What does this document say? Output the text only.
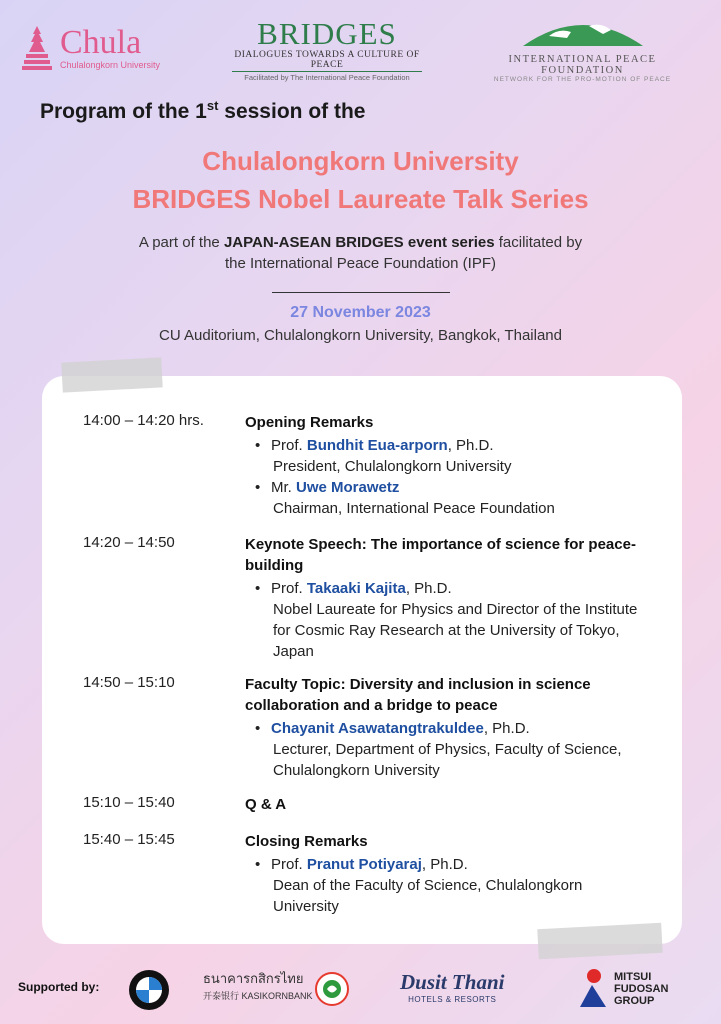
Chula
Chulalongkorn University
BRIDGES
DIALOGUES TOWARDS A CULTURE OF PEACE
Facilitated by The International Peace Foundation
INTERNATIONAL PEACE FOUNDATION
NETWORK FOR THE PRO-MOTION OF PEACE
Program of the 1st session of the
Chulalongkorn University
BRIDGES Nobel Laureate Talk Series
A part of the JAPAN-ASEAN BRIDGES event series facilitated by
the International Peace Foundation (IPF)
27 November 2023
CU Auditorium, Chulalongkorn University, Bangkok, Thailand
14:00 – 14:20 hrs.	Opening Remarks
• Prof. Bundhit Eua-arporn, Ph.D.
President, Chulalongkorn University
• Mr. Uwe Morawetz
Chairman, International Peace Foundation
14:20 – 14:50	Keynote Speech: The importance of science for peace-building
• Prof. Takaaki Kajita, Ph.D.
Nobel Laureate for Physics and Director of the Institute for Cosmic Ray Research at the University of Tokyo, Japan
14:50 – 15:10	Faculty Topic: Diversity and inclusion in science collaboration and a bridge to peace
• Chayanit Asawatangtrakuldee, Ph.D.
Lecturer, Department of Physics, Faculty of Science, Chulalongkorn University
15:10 – 15:40	Q & A
15:40 – 15:45	Closing Remarks
• Prof. Pranut Potiyaraj, Ph.D.
Dean of the Faculty of Science, Chulalongkorn University
Supported by:
ธนาคารกสิกรไทย
开泰银行 KASIKORNBANK
Dusit Thani
HOTELS & RESORTS
MITSUI
FUDOSAN
GROUP
